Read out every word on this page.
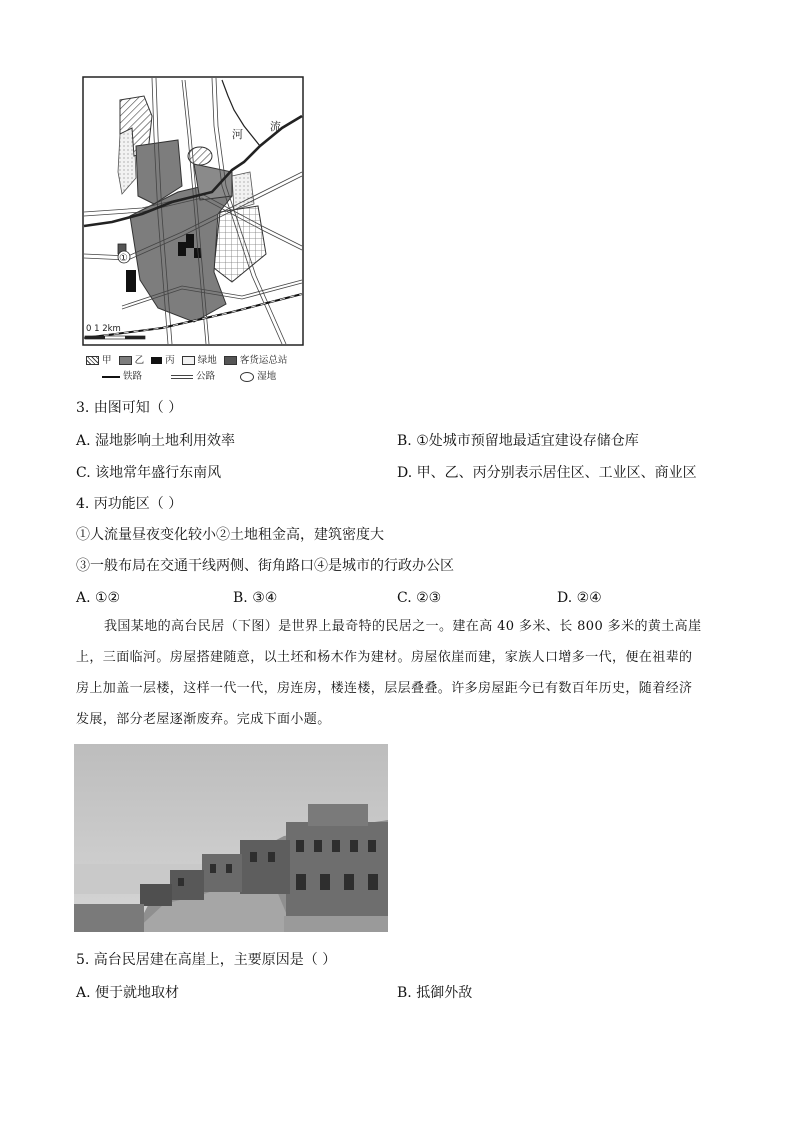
河
流
①
0 1 2km
甲 乙 丙 绿地 客货运总站
铁路	公路	湿地
3. 由图可知（ ）
A. 湿地影响土地利用效率	B. ①处城市预留地最适宜建设存储仓库
C. 该地常年盛行东南风	D. 甲、乙、丙分别表示居住区、工业区、商业区
4. 丙功能区（ ）
①人流量昼夜变化较小②土地租金高，建筑密度大
③一般布局在交通干线两侧、街角路口④是城市的行政办公区
A. ①②	B. ③④	C. ②③	D. ②④
我国某地的高台民居（下图）是世界上最奇特的民居之一。建在高 40 多米、长 800 多米的黄土高崖
上，三面临河。房屋搭建随意，以土坯和杨木作为建材。房屋依崖而建，家族人口增多一代，便在祖辈的
房上加盖一层楼，这样一代一代，房连房，楼连楼，层层叠叠。许多房屋距今已有数百年历史，随着经济
发展，部分老屋逐渐废弃。完成下面小题。
5. 高台民居建在高崖上，主要原因是（ ）
A. 便于就地取材	B. 抵御外敌
